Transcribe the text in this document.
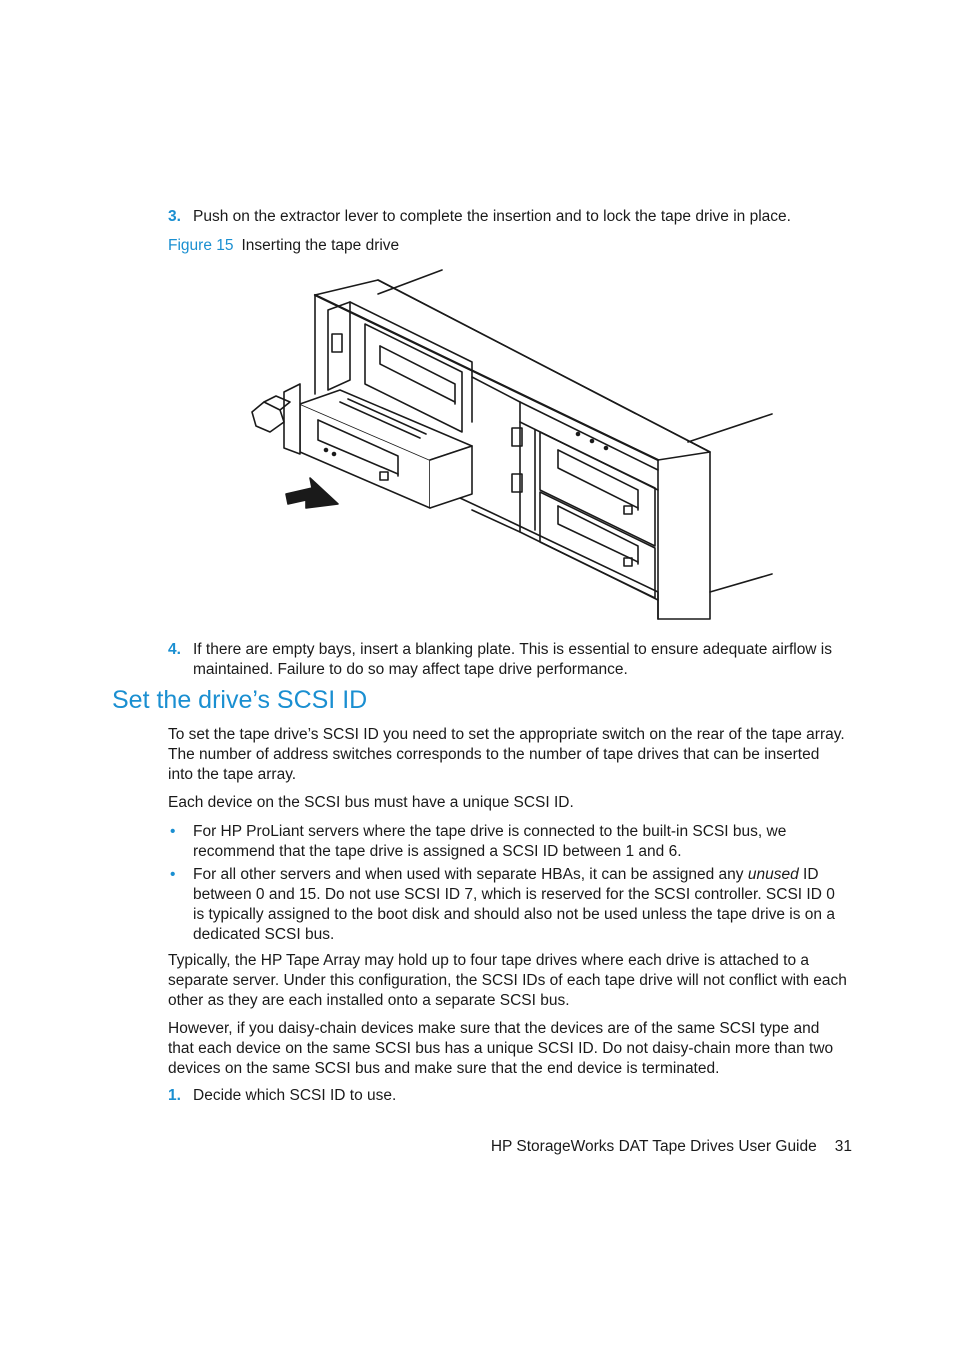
3. Push on the extractor lever to complete the insertion and to lock the tape drive in place.
Figure 15 Inserting the tape drive
4. If there are empty bays, insert a blanking plate. This is essential to ensure adequate airflow is maintained. Failure to do so may affect tape drive performance.
Set the drive’s SCSI ID

To set the tape drive’s SCSI ID you need to set the appropriate switch on the rear of the tape array. The number of address switches corresponds to the number of tape drives that can be inserted into the tape array.

Each device on the SCSI bus must have a unique SCSI ID.

• For HP ProLiant servers where the tape drive is connected to the built-in SCSI bus, we recommend that the tape drive is assigned a SCSI ID between 1 and 6.
• For all other servers and when used with separate HBAs, it can be assigned any unused ID between 0 and 15. Do not use SCSI ID 7, which is reserved for the SCSI controller. SCSI ID 0 is typically assigned to the boot disk and should also not be used unless the tape drive is on a dedicated SCSI bus.

Typically, the HP Tape Array may hold up to four tape drives where each drive is attached to a separate server. Under this configuration, the SCSI IDs of each tape drive will not conflict with each other as they are each installed onto a separate SCSI bus.

However, if you daisy-chain devices make sure that the devices are of the same SCSI type and that each device on the same SCSI bus has a unique SCSI ID. Do not daisy-chain more than two devices on the same SCSI bus and make sure that the end device is terminated.

1. Decide which SCSI ID to use.
HP StorageWorks DAT Tape Drives User Guide 31
